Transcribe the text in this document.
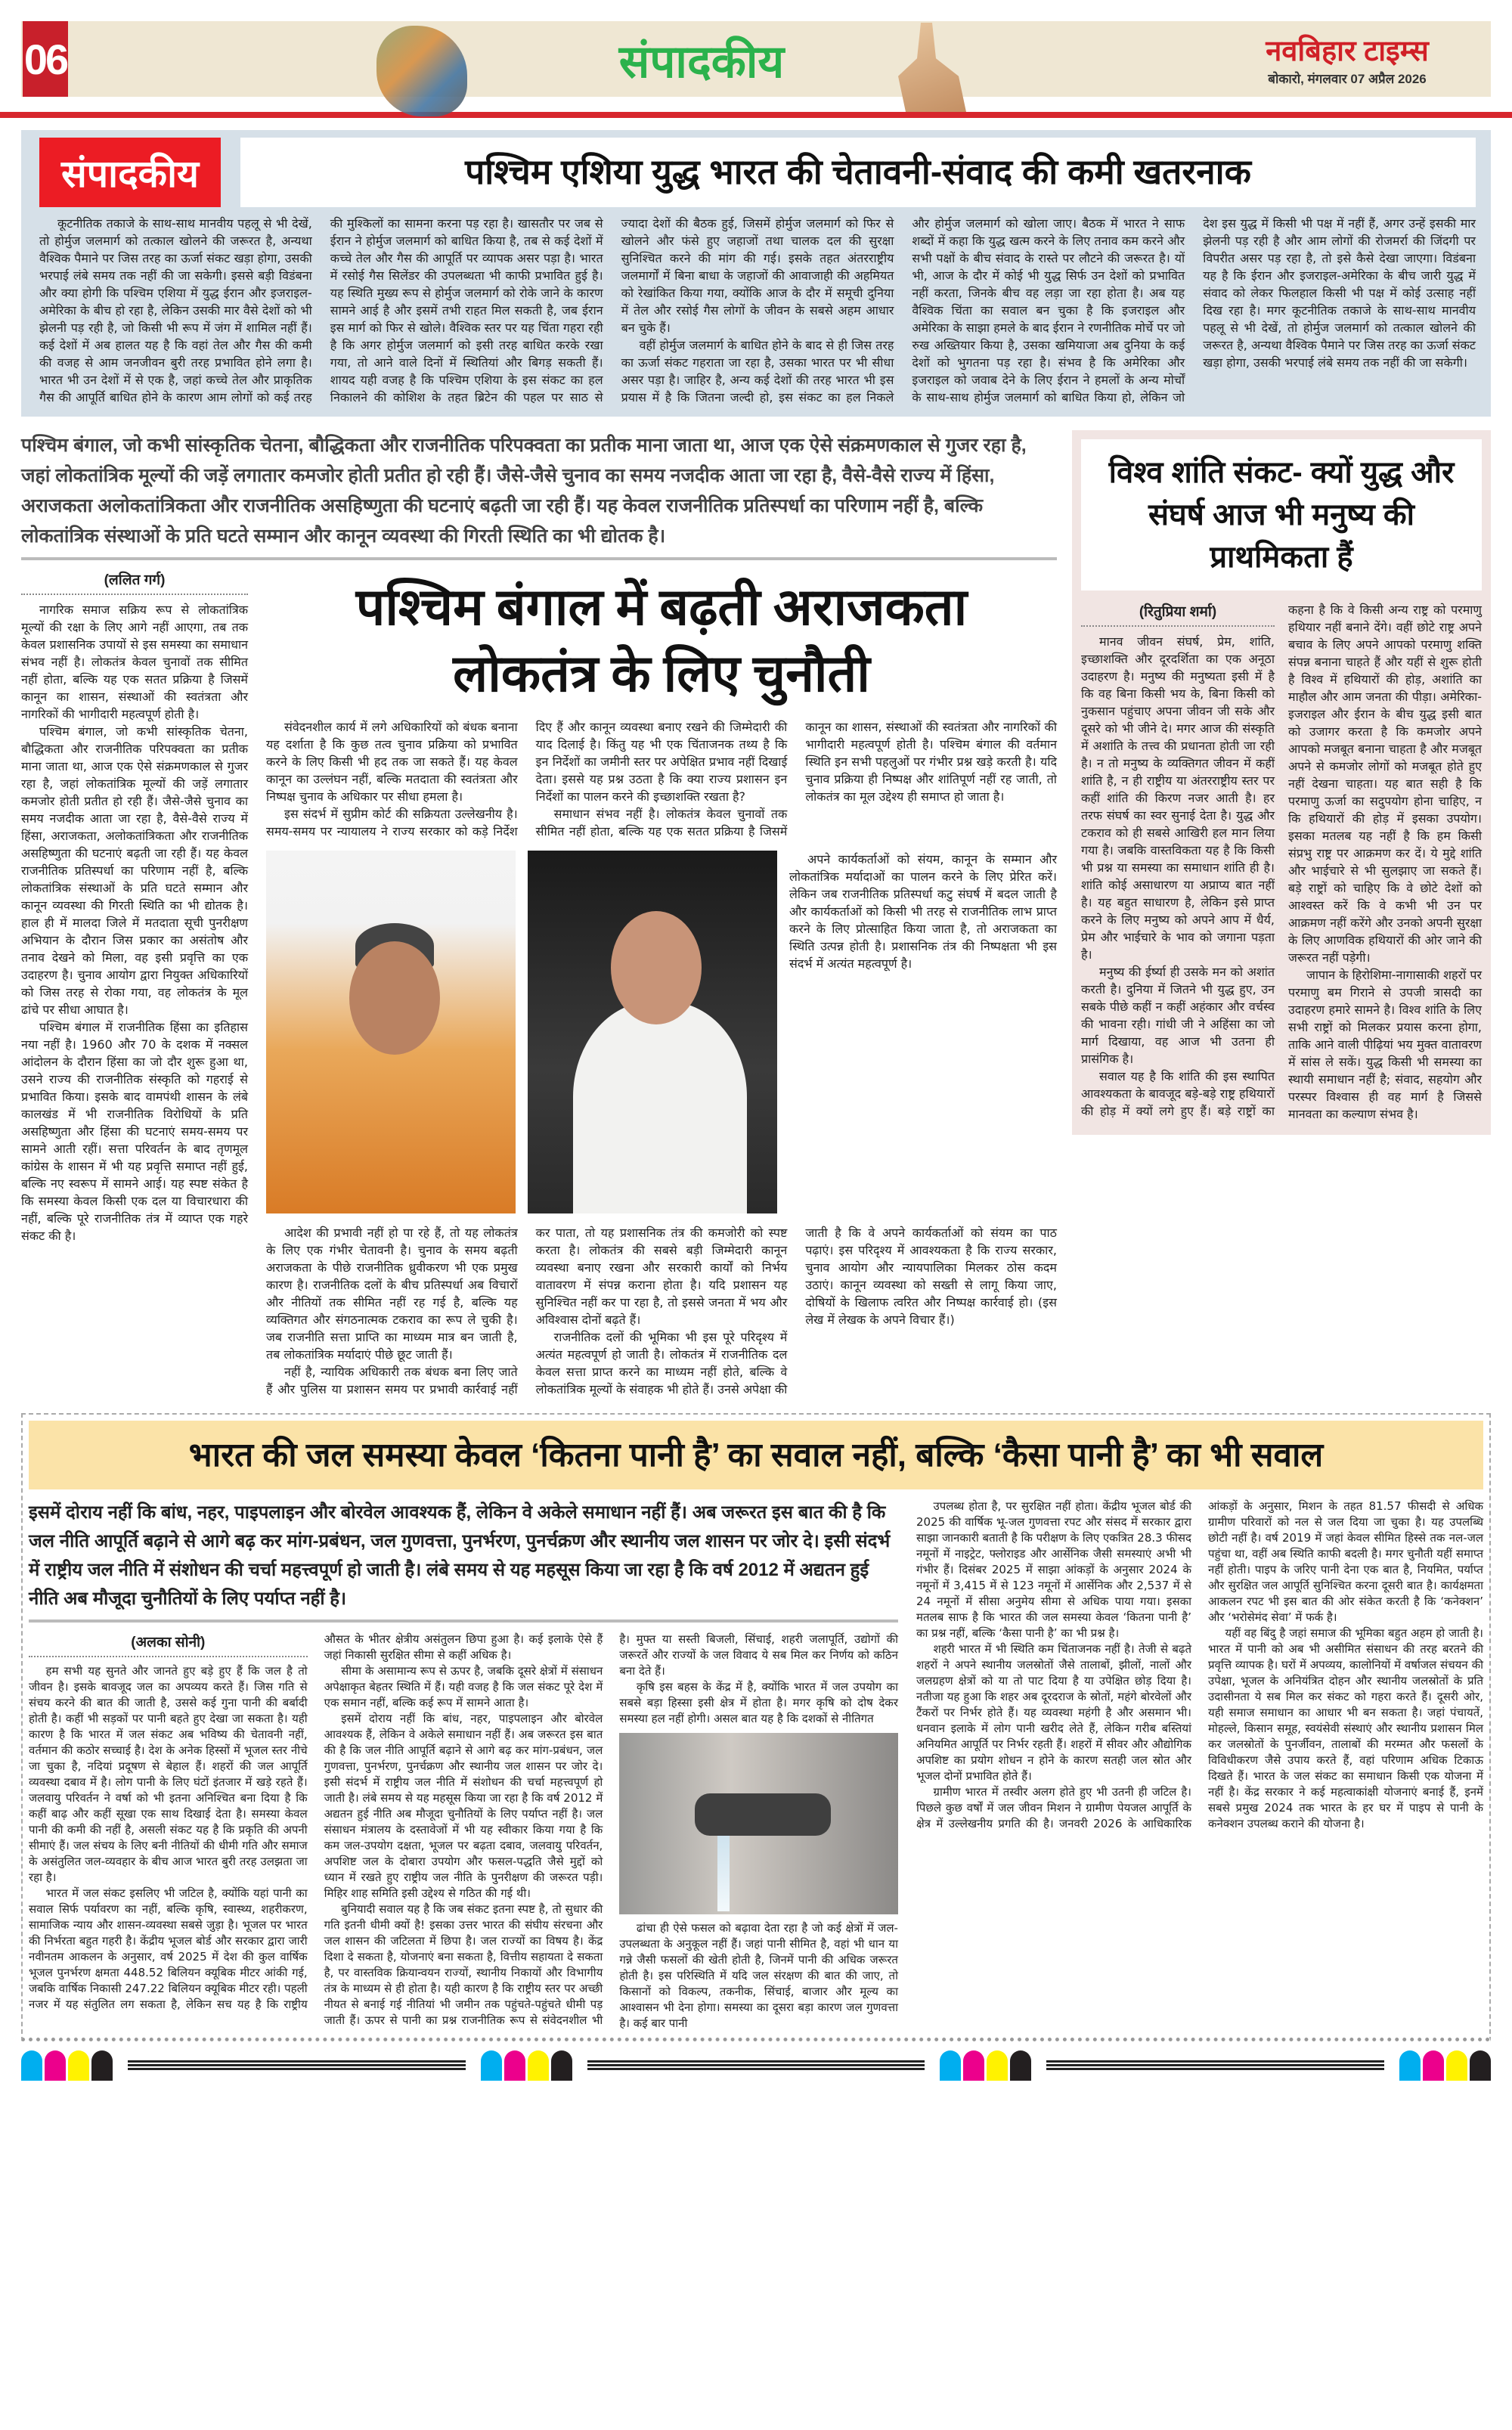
06	संपादकीय	नवबिहार टाइम्स
बोकारो, मंगलवार 07 अप्रैल 2026
संपादकीय	पश्चिम एशिया युद्ध भारत की चेतावनी-संवाद की कमी खतरनाक

कूटनीतिक तकाजे के साथ-साथ मानवीय पहलू से भी देखें, तो होर्मुज जलमार्ग को तत्काल खोलने की जरूरत है, अन्यथा वैश्विक पैमाने पर जिस तरह का ऊर्जा संकट खड़ा होगा, उसकी भरपाई लंबे समय तक नहीं की जा सकेगी। इससे बड़ी विडंबना और क्या होगी कि पश्चिम एशिया में युद्ध ईरान और इजराइल-अमेरिका के बीच हो रहा है, लेकिन उसकी मार वैसे देशों को भी झेलनी पड़ रही है, जो किसी भी रूप में जंग में शामिल नहीं हैं। कई देशों में अब हालत यह है कि वहां तेल और गैस की कमी की वजह से आम जनजीवन बुरी तरह प्रभावित होने लगा है। भारत भी उन देशों में से एक है, जहां कच्चे तेल और प्राकृतिक गैस की आपूर्ति बाधित होने के कारण आम लोगों को कई तरह की मुश्किलों का सामना करना पड़ रहा है। खासतौर पर जब से ईरान ने होर्मुज जलमार्ग को बाधित किया है, तब से कई देशों में कच्चे तेल और गैस की आपूर्ति पर व्यापक असर पड़ा है। भारत में रसोई गैस सिलेंडर की उपलब्धता भी काफी प्रभावित हुई है। यह स्थिति मुख्य रूप से होर्मुज जलमार्ग को रोके जाने के कारण सामने आई है और इसमें तभी राहत मिल सकती है, जब ईरान इस मार्ग को फिर से खोले। वैश्विक स्तर पर यह चिंता गहरा रही है कि अगर होर्मुज जलमार्ग को इसी तरह बाधित करके रखा गया, तो आने वाले दिनों में स्थितियां और बिगड़ सकती हैं। शायद यही वजह है कि पश्चिम एशिया के इस संकट का हल निकालने की कोशिश के तहत ब्रिटेन की पहल पर साठ से ज्यादा देशों की बैठक हुई, जिसमें होर्मुज जलमार्ग को फिर से खोलने और फंसे हुए जहाजों तथा चालक दल की सुरक्षा सुनिश्चित करने की मांग की गई। इसके तहत अंतरराष्ट्रीय जलमार्गों में बिना बाधा के जहाजों की आवाजाही की अहमियत को रेखांकित किया गया, क्योंकि आज के दौर में समूची दुनिया में तेल और रसोई गैस लोगों के जीवन के सबसे अहम आधार बन चुके हैं।

वहीं होर्मुज जलमार्ग के बाधित होने के बाद से ही जिस तरह का ऊर्जा संकट गहराता जा रहा है, उसका भारत पर भी सीधा असर पड़ा है। जाहिर है, अन्य कई देशों की तरह भारत भी इस प्रयास में है कि जितना जल्दी हो, इस संकट का हल निकले और होर्मुज जलमार्ग को खोला जाए। बैठक में भारत ने साफ शब्दों में कहा कि युद्ध खत्म करने के लिए तनाव कम करने और सभी पक्षों के बीच संवाद के रास्ते पर लौटने की जरूरत है। यों भी, आज के दौर में कोई भी युद्ध सिर्फ उन देशों को प्रभावित नहीं करता, जिनके बीच वह लड़ा जा रहा होता है। अब यह वैश्विक चिंता का सवाल बन चुका है कि इजराइल और अमेरिका के साझा हमले के बाद ईरान ने रणनीतिक मोर्चे पर जो रुख अख्तियार किया है, उसका खमियाजा अब दुनिया के कई देशों को भुगतना पड़ रहा है। संभव है कि अमेरिका और इजराइल को जवाब देने के लिए ईरान ने हमलों के अन्य मोर्चों के साथ-साथ होर्मुज जलमार्ग को बाधित किया हो, लेकिन जो देश इस युद्ध में किसी भी पक्ष में नहीं हैं, अगर उन्हें इसकी मार झेलनी पड़ रही है और आम लोगों की रोजमर्रा की जिंदगी पर विपरीत असर पड़ रहा है, तो इसे कैसे देखा जाएगा। विडंबना यह है कि ईरान और इजराइल-अमेरिका के बीच जारी युद्ध में संवाद को लेकर फिलहाल किसी भी पक्ष में कोई उत्साह नहीं दिख रहा है। मगर कूटनीतिक तकाजे के साथ-साथ मानवीय पहलू से भी देखें, तो होर्मुज जलमार्ग को तत्काल खोलने की जरूरत है, अन्यथा वैश्विक पैमाने पर जिस तरह का ऊर्जा संकट खड़ा होगा, उसकी भरपाई लंबे समय तक नहीं की जा सकेगी।

पश्चिम बंगाल, जो कभी सांस्कृतिक चेतना, बौद्धिकता और राजनीतिक परिपक्वता का प्रतीक माना जाता था, आज एक ऐसे संक्रमणकाल से गुजर रहा है, जहां लोकतांत्रिक मूल्यों की जड़ें लगातार कमजोर होती प्रतीत हो रही हैं। जैसे-जैसे चुनाव का समय नजदीक आता जा रहा है, वैसे-वैसे राज्य में हिंसा, अराजकता अलोकतांत्रिकता और राजनीतिक असहिष्णुता की घटनाएं बढ़ती जा रही हैं। यह केवल राजनीतिक प्रतिस्पर्धा का परिणाम नहीं है, बल्कि लोकतांत्रिक संस्थाओं के प्रति घटते सम्मान और कानून व्यवस्था की गिरती स्थिति का भी द्योतक है।
(ललित गर्ग)

नागरिक समाज सक्रिय रूप से लोकतांत्रिक मूल्यों की रक्षा के लिए आगे नहीं आएगा, तब तक केवल प्रशासनिक उपायों से इस समस्या का समाधान संभव नहीं है। लोकतंत्र केवल चुनावों तक सीमित नहीं होता, बल्कि यह एक सतत प्रक्रिया है जिसमें कानून का शासन, संस्थाओं की स्वतंत्रता और नागरिकों की भागीदारी महत्वपूर्ण होती है।

पश्चिम बंगाल, जो कभी सांस्कृतिक चेतना, बौद्धिकता और राजनीतिक परिपक्वता का प्रतीक माना जाता था, आज एक ऐसे संक्रमणकाल से गुजर रहा है, जहां लोकतांत्रिक मूल्यों की जड़ें लगातार कमजोर होती प्रतीत हो रही हैं। जैसे-जैसे चुनाव का समय नजदीक आता जा रहा है, वैसे-वैसे राज्य में हिंसा, अराजकता, अलोकतांत्रिकता और राजनीतिक असहिष्णुता की घटनाएं बढ़ती जा रही हैं। यह केवल राजनीतिक प्रतिस्पर्धा का परिणाम नहीं है, बल्कि लोकतांत्रिक संस्थाओं के प्रति घटते सम्मान और कानून व्यवस्था की गिरती स्थिति का भी द्योतक है। हाल ही में मालदा जिले में मतदाता सूची पुनरीक्षण अभियान के दौरान जिस प्रकार का असंतोष और तनाव देखने को मिला, वह इसी प्रवृत्ति का एक उदाहरण है। चुनाव आयोग द्वारा नियुक्त अधिकारियों को जिस तरह से रोका गया, वह लोकतंत्र के मूल ढांचे पर सीधा आघात है।

पश्चिम बंगाल में राजनीतिक हिंसा का इतिहास नया नहीं है। 1960 और 70 के दशक में नक्सल आंदोलन के दौरान हिंसा का जो दौर शुरू हुआ था, उसने राज्य की राजनीतिक संस्कृति को गहराई से प्रभावित किया। इसके बाद वामपंथी शासन के लंबे कालखंड में भी राजनीतिक विरोधियों के प्रति असहिष्णुता और हिंसा की घटनाएं समय-समय पर सामने आती रहीं। सत्ता परिवर्तन के बाद तृणमूल कांग्रेस के शासन में भी यह प्रवृत्ति समाप्त नहीं हुई, बल्कि नए स्वरूप में सामने आई। यह स्पष्ट संकेत है कि समस्या केवल किसी एक दल या विचारधारा की नहीं, बल्कि पूरे राजनीतिक तंत्र में व्याप्त एक गहरे संकट की है।

पश्चिम बंगाल में बढ़ती अराजकता
लोकतंत्र के लिए चुनौती

संवेदनशील कार्य में लगे अधिकारियों को बंधक बनाना यह दर्शाता है कि कुछ तत्व चुनाव प्रक्रिया को प्रभावित करने के लिए किसी भी हद तक जा सकते हैं। यह केवल कानून का उल्लंघन नहीं, बल्कि मतदाता की स्वतंत्रता और निष्पक्ष चुनाव के अधिकार पर सीधा हमला है।

इस संदर्भ में सुप्रीम कोर्ट की सक्रियता उल्लेखनीय है। समय-समय पर न्यायालय ने राज्य सरकार को कड़े निर्देश दिए हैं और कानून व्यवस्था बनाए रखने की जिम्मेदारी की याद दिलाई है। किंतु यह भी एक चिंताजनक तथ्य है कि इन निर्देशों का जमीनी स्तर पर अपेक्षित प्रभाव नहीं दिखाई देता। इससे यह प्रश्न उठता है कि क्या राज्य प्रशासन इन निर्देशों का पालन करने की इच्छाशक्ति रखता है?

समाधान संभव नहीं है। लोकतंत्र केवल चुनावों तक सीमित नहीं होता, बल्कि यह एक सतत प्रक्रिया है जिसमें कानून का शासन, संस्थाओं की स्वतंत्रता और नागरिकों की भागीदारी महत्वपूर्ण होती है। पश्चिम बंगाल की वर्तमान स्थिति इन सभी पहलुओं पर गंभीर प्रश्न खड़े करती है। यदि चुनाव प्रक्रिया ही निष्पक्ष और शांतिपूर्ण नहीं रह जाती, तो लोकतंत्र का मूल उद्देश्य ही समाप्त हो जाता है।

अपने कार्यकर्ताओं को संयम, कानून के सम्मान और लोकतांत्रिक मर्यादाओं का पालन करने के लिए प्रेरित करें। लेकिन जब राजनीतिक प्रतिस्पर्धा कटु संघर्ष में बदल जाती है और कार्यकर्ताओं को किसी भी तरह से राजनीतिक लाभ प्राप्त करने के लिए प्रोत्साहित किया जाता है, तो अराजकता का स्थिति उत्पन्न होती है। प्रशासनिक तंत्र की निष्पक्षता भी इस संदर्भ में अत्यंत महत्वपूर्ण है।

आदेश की प्रभावी नहीं हो पा रहे हैं, तो यह लोकतंत्र के लिए एक गंभीर चेतावनी है। चुनाव के समय बढ़ती अराजकता के पीछे राजनीतिक ध्रुवीकरण भी एक प्रमुख कारण है। राजनीतिक दलों के बीच प्रतिस्पर्धा अब विचारों और नीतियों तक सीमित नहीं रह गई है, बल्कि यह व्यक्तिगत और संगठनात्मक टकराव का रूप ले चुकी है। जब राजनीति सत्ता प्राप्ति का माध्यम मात्र बन जाती है, तब लोकतांत्रिक मर्यादाएं पीछे छूट जाती हैं।

नहीं है, न्यायिक अधिकारी तक बंधक बना लिए जाते हैं और पुलिस या प्रशासन समय पर प्रभावी कार्रवाई नहीं कर पाता, तो यह प्रशासनिक तंत्र की कमजोरी को स्पष्ट करता है। लोकतंत्र की सबसे बड़ी जिम्मेदारी कानून व्यवस्था बनाए रखना और सरकारी कार्यों को निर्भय वातावरण में संपन्न कराना होता है। यदि प्रशासन यह सुनिश्चित नहीं कर पा रहा है, तो इससे जनता में भय और अविश्वास दोनों बढ़ते हैं।

राजनीतिक दलों की भूमिका भी इस पूरे परिदृश्य में अत्यंत महत्वपूर्ण हो जाती है। लोकतंत्र में राजनीतिक दल केवल सत्ता प्राप्त करने का माध्यम नहीं होते, बल्कि वे लोकतांत्रिक मूल्यों के संवाहक भी होते हैं। उनसे अपेक्षा की जाती है कि वे अपने कार्यकर्ताओं को संयम का पाठ पढ़ाएं। इस परिदृश्य में आवश्यकता है कि राज्य सरकार, चुनाव आयोग और न्यायपालिका मिलकर ठोस कदम उठाएं। कानून व्यवस्था को सख्ती से लागू किया जाए, दोषियों के खिलाफ त्वरित और निष्पक्ष कार्रवाई हो। (इस लेख में लेखक के अपने विचार हैं।)

विश्व शांति संकट- क्यों युद्ध और संघर्ष आज भी मनुष्य की प्राथमिकता हैं
(रितुप्रिया शर्मा)

मानव जीवन संघर्ष, प्रेम, शांति, इच्छाशक्ति और दूरदर्शिता का एक अनूठा उदाहरण है। मनुष्य की मनुष्यता इसी में है कि वह बिना किसी भय के, बिना किसी को नुकसान पहुंचाए अपना जीवन जी सके और दूसरे को भी जीने दे। मगर आज की संस्कृति में अशांति के तत्त्व की प्रधानता होती जा रही है। न तो मनुष्य के व्यक्तिगत जीवन में कहीं शांति है, न ही राष्ट्रीय या अंतरराष्ट्रीय स्तर पर कहीं शांति की किरण नजर आती है। हर तरफ संघर्ष का स्वर सुनाई देता है। युद्ध और टकराव को ही सबसे आखिरी हल मान लिया गया है। जबकि वास्तविकता यह है कि किसी भी प्रश्न या समस्या का समाधान शांति ही है। शांति कोई असाधारण या अप्राप्य बात नहीं है। यह बहुत साधारण है, लेकिन इसे प्राप्त करने के लिए मनुष्य को अपने आप में धैर्य, प्रेम और भाईचारे के भाव को जगाना पड़ता है।

मनुष्य की ईर्ष्या ही उसके मन को अशांत करती है। दुनिया में जितने भी युद्ध हुए, उन सबके पीछे कहीं न कहीं अहंकार और वर्चस्व की भावना रही। गांधी जी ने अहिंसा का जो मार्ग दिखाया, वह आज भी उतना ही प्रासंगिक है।

सवाल यह है कि शांति की इस स्थापित आवश्यकता के बावजूद बड़े-बड़े राष्ट्र हथियारों की होड़ में क्यों लगे हुए हैं। बड़े राष्ट्रों का कहना है कि वे किसी अन्य राष्ट्र को परमाणु हथियार नहीं बनाने देंगे। वहीं छोटे राष्ट्र अपने बचाव के लिए अपने आपको परमाणु शक्ति संपन्न बनाना चाहते हैं और यहीं से शुरू होती है विश्व में हथियारों की होड़, अशांति का माहौल और आम जनता की पीड़ा। अमेरिका-इजराइल और ईरान के बीच युद्ध इसी बात को उजागर करता है कि कमजोर अपने आपको मजबूत बनाना चाहता है और मजबूत अपने से कमजोर लोगों को मजबूत होते हुए नहीं देखना चाहता। यह बात सही है कि परमाणु ऊर्जा का सदुपयोग होना चाहिए, न कि हथियारों की होड़ में इसका उपयोग। इसका मतलब यह नहीं है कि हम किसी संप्रभु राष्ट्र पर आक्रमण कर दें। ये मुद्दे शांति और भाईचारे से भी सुलझाए जा सकते हैं। बड़े राष्ट्रों को चाहिए कि वे छोटे देशों को आश्वस्त करें कि वे कभी भी उन पर आक्रमण नहीं करेंगे और उनको अपनी सुरक्षा के लिए आणविक हथियारों की ओर जाने की जरूरत नहीं पड़ेगी।

जापान के हिरोशिमा-नागासाकी शहरों पर परमाणु बम गिराने से उपजी त्रासदी का उदाहरण हमारे सामने है। विश्व शांति के लिए सभी राष्ट्रों को मिलकर प्रयास करना होगा, ताकि आने वाली पीढ़ियां भय मुक्त वातावरण में सांस ले सकें। युद्ध किसी भी समस्या का स्थायी समाधान नहीं है; संवाद, सहयोग और परस्पर विश्वास ही वह मार्ग है जिससे मानवता का कल्याण संभव है।

भारत की जल समस्या केवल ‘कितना पानी है’ का सवाल नहीं, बल्कि ‘कैसा पानी है’ का भी सवाल
इसमें दोराय नहीं कि बांध, नहर, पाइपलाइन और बोरवेल आवश्यक हैं, लेकिन वे अकेले समाधान नहीं हैं। अब जरूरत इस बात की है कि जल नीति आपूर्ति बढ़ाने से आगे बढ़ कर मांग-प्रबंधन, जल गुणवत्ता, पुनर्भरण, पुनर्चक्रण और स्थानीय जल शासन पर जोर दे। इसी संदर्भ में राष्ट्रीय जल नीति में संशोधन की चर्चा महत्त्वपूर्ण हो जाती है। लंबे समय से यह महसूस किया जा रहा है कि वर्ष 2012 में अद्यतन हुई नीति अब मौजूदा चुनौतियों के लिए पर्याप्त नहीं है।
(अलका सोनी)

हम सभी यह सुनते और जानते हुए बड़े हुए हैं कि जल है तो जीवन है। इसके बावजूद जल का अपव्यय करते हैं। जिस गति से संचय करने की बात की जाती है, उससे कई गुना पानी की बर्बादी होती है। कहीं भी सड़कों पर पानी बहते हुए देखा जा सकता है। यही कारण है कि भारत में जल संकट अब भविष्य की चेतावनी नहीं, वर्तमान की कठोर सच्चाई है। देश के अनेक हिस्सों में भूजल स्तर नीचे जा चुका है, नदियां प्रदूषण से बेहाल हैं। शहरों की जल आपूर्ति व्यवस्था दबाव में है। लोग पानी के लिए घंटों इंतजार में खड़े रहते हैं। जलवायु परिवर्तन ने वर्षा को भी इतना अनिश्चित बना दिया है कि कहीं बाढ़ और कहीं सूखा एक साथ दिखाई देता है। समस्या केवल पानी की कमी की नहीं है, असली संकट यह है कि प्रकृति की अपनी सीमाएं हैं। जल संचय के लिए बनी नीतियों की धीमी गति और समाज के असंतुलित जल-व्यवहार के बीच आज भारत बुरी तरह उलझता जा रहा है।

भारत में जल संकट इसलिए भी जटिल है, क्योंकि यहां पानी का सवाल सिर्फ पर्यावरण का नहीं, बल्कि कृषि, स्वास्थ्य, शहरीकरण, सामाजिक न्याय और शासन-व्यवस्था सबसे जुड़ा है। भूजल पर भारत की निर्भरता बहुत गहरी है। केंद्रीय भूजल बोर्ड और सरकार द्वारा जारी नवीनतम आकलन के अनुसार, वर्ष 2025 में देश की कुल वार्षिक भूजल पुनर्भरण क्षमता 448.52 बिलियन क्यूबिक मीटर आंकी गई, जबकि वार्षिक निकासी 247.22 बिलियन क्यूबिक मीटर रही। पहली नजर में यह संतुलित लग सकता है, लेकिन सच यह है कि राष्ट्रीय औसत के भीतर क्षेत्रीय असंतुलन छिपा हुआ है। कई इलाके ऐसे हैं जहां निकासी सुरक्षित सीमा से कहीं अधिक है।

सीमा के असामान्य रूप से ऊपर है, जबकि दूसरे क्षेत्रों में संसाधन अपेक्षाकृत बेहतर स्थिति में हैं। यही वजह है कि जल संकट पूरे देश में एक समान नहीं, बल्कि कई रूप में सामने आता है।

इसमें दोराय नहीं कि बांध, नहर, पाइपलाइन और बोरवेल आवश्यक हैं, लेकिन वे अकेले समाधान नहीं हैं। अब जरूरत इस बात की है कि जल नीति आपूर्ति बढ़ाने से आगे बढ़ कर मांग-प्रबंधन, जल गुणवत्ता, पुनर्भरण, पुनर्चक्रण और स्थानीय जल शासन पर जोर दे। इसी संदर्भ में राष्ट्रीय जल नीति में संशोधन की चर्चा महत्त्वपूर्ण हो जाती है। लंबे समय से यह महसूस किया जा रहा है कि वर्ष 2012 में अद्यतन हुई नीति अब मौजूदा चुनौतियों के लिए पर्याप्त नहीं है। जल संसाधन मंत्रालय के दस्तावेजों में भी यह स्वीकार किया गया है कि कम जल-उपयोग दक्षता, भूजल पर बढ़ता दबाव, जलवायु परिवर्तन, अपशिष्ट जल के दोबारा उपयोग और फसल-पद्धति जैसे मुद्दों को ध्यान में रखते हुए राष्ट्रीय जल नीति के पुनरीक्षण की जरूरत पड़ी। मिहिर शाह समिति इसी उद्देश्य से गठित की गई थी।

बुनियादी सवाल यह है कि जब संकट इतना स्पष्ट है, तो सुधार की गति इतनी धीमी क्यों है! इसका उत्तर भारत की संघीय संरचना और जल शासन की जटिलता में छिपा है। जल राज्यों का विषय है। केंद्र दिशा दे सकता है, योजनाएं बना सकता है, वित्तीय सहायता दे सकता है, पर वास्तविक क्रियान्वयन राज्यों, स्थानीय निकायों और विभागीय तंत्र के माध्यम से ही होता है। यही कारण है कि राष्ट्रीय स्तर पर अच्छी नीयत से बनाई गई नीतियां भी जमीन तक पहुंचते-पहुंचते धीमी पड़ जाती हैं। ऊपर से पानी का प्रश्न राजनीतिक रूप से संवेदनशील भी है। मुफ्त या सस्ती बिजली, सिंचाई, शहरी जलापूर्ति, उद्योगों की जरूरतें और राज्यों के जल विवाद ये सब मिल कर निर्णय को कठिन बना देते हैं।

कृषि इस बहस के केंद्र में है, क्योंकि भारत में जल उपयोग का सबसे बड़ा हिस्सा इसी क्षेत्र में होता है। मगर कृषि को दोष देकर समस्या हल नहीं होगी। असल बात यह है कि दशकों से नीतिगत

ढांचा ही ऐसे फसल को बढ़ावा देता रहा है जो कई क्षेत्रों में जल-उपलब्धता के अनुकूल नहीं हैं। जहां पानी सीमित है, वहां भी धान या गन्ने जैसी फसलों की खेती होती है, जिनमें पानी की अधिक जरूरत होती है। इस परिस्थिति में यदि जल संरक्षण की बात की जाए, तो किसानों को विकल्प, तकनीक, सिंचाई, बाजार और मूल्य का आश्वासन भी देना होगा। समस्या का दूसरा बड़ा कारण जल गुणवत्ता है। कई बार पानी

उपलब्ध होता है, पर सुरक्षित नहीं होता। केंद्रीय भूजल बोर्ड की 2025 की वार्षिक भू-जल गुणवत्ता रपट और संसद में सरकार द्वारा साझा जानकारी बताती है कि परीक्षण के लिए एकत्रित 28.3 फीसद नमूनों में नाइट्रेट, फ्लोराइड और आर्सेनिक जैसी समस्याएं अभी भी गंभीर हैं। दिसंबर 2025 में साझा आंकड़ों के अनुसार 2024 के नमूनों में 3,415 में से 123 नमूनों में आर्सेनिक और 2,537 में से 24 नमूनों में सीसा अनुमेय सीमा से अधिक पाया गया। इसका मतलब साफ है कि भारत की जल समस्या केवल ‘कितना पानी है’ का प्रश्न नहीं, बल्कि ‘कैसा पानी है’ का भी प्रश्न है।

शहरी भारत में भी स्थिति कम चिंताजनक नहीं है। तेजी से बढ़ते शहरों ने अपने स्थानीय जलस्रोतों जैसे तालाबों, झीलों, नालों और जलग्रहण क्षेत्रों को या तो पाट दिया है या उपेक्षित छोड़ दिया है। नतीजा यह हुआ कि शहर अब दूरदराज के स्रोतों, महंगे बोरवेलों और टैंकरों पर निर्भर होते हैं। यह व्यवस्था महंगी है और असमान भी। धनवान इलाके में लोग पानी खरीद लेते हैं, लेकिन गरीब बस्तियां अनियमित आपूर्ति पर निर्भर रहती हैं। शहरों में सीवर और औद्योगिक अपशिष्ट का प्रयोग शोधन न होने के कारण सतही जल स्रोत और भूजल दोनों प्रभावित होते हैं।

ग्रामीण भारत में तस्वीर अलग होते हुए भी उतनी ही जटिल है। पिछले कुछ वर्षों में जल जीवन मिशन ने ग्रामीण पेयजल आपूर्ति के क्षेत्र में उल्लेखनीय प्रगति की है। जनवरी 2026 के आधिकारिक आंकड़ों के अनुसार, मिशन के तहत 81.57 फीसदी से अधिक ग्रामीण परिवारों को नल से जल दिया जा चुका है। यह उपलब्धि छोटी नहीं है। वर्ष 2019 में जहां केवल सीमित हिस्से तक नल-जल पहुंचा था, वहीं अब स्थिति काफी बदली है। मगर चुनौती यहीं समाप्त नहीं होती। पाइप के जरिए पानी देना एक बात है, नियमित, पर्याप्त और सुरक्षित जल आपूर्ति सुनिश्चित करना दूसरी बात है। कार्यक्षमता आकलन रपट भी इस बात की ओर संकेत करती है कि ‘कनेक्शन’ और ‘भरोसेमंद सेवा’ में फर्क है।

यहीं वह बिंदु है जहां समाज की भूमिका बहुत अहम हो जाती है। भारत में पानी को अब भी असीमित संसाधन की तरह बरतने की प्रवृत्ति व्यापक है। घरों में अपव्यय, कालोनियों में वर्षाजल संचयन की उपेक्षा, भूजल के अनियंत्रित दोहन और स्थानीय जलस्रोतों के प्रति उदासीनता ये सब मिल कर संकट को गहरा करते हैं। दूसरी ओर, यही समाज समाधान का आधार भी बन सकता है। जहां पंचायतें, मोहल्ले, किसान समूह, स्वयंसेवी संस्थाएं और स्थानीय प्रशासन मिल कर जलस्रोतों के पुनर्जीवन, तालाबों की मरम्मत और फसलों के विविधीकरण जैसे उपाय करते हैं, वहां परिणाम अधिक टिकाऊ दिखते हैं। भारत के जल संकट का समाधान किसी एक योजना में नहीं है। केंद्र सरकार ने कई महत्वाकांक्षी योजनाएं बनाई हैं, इनमें सबसे प्रमुख 2024 तक भारत के हर घर में पाइप से पानी के कनेक्शन उपलब्ध कराने की योजना है।
